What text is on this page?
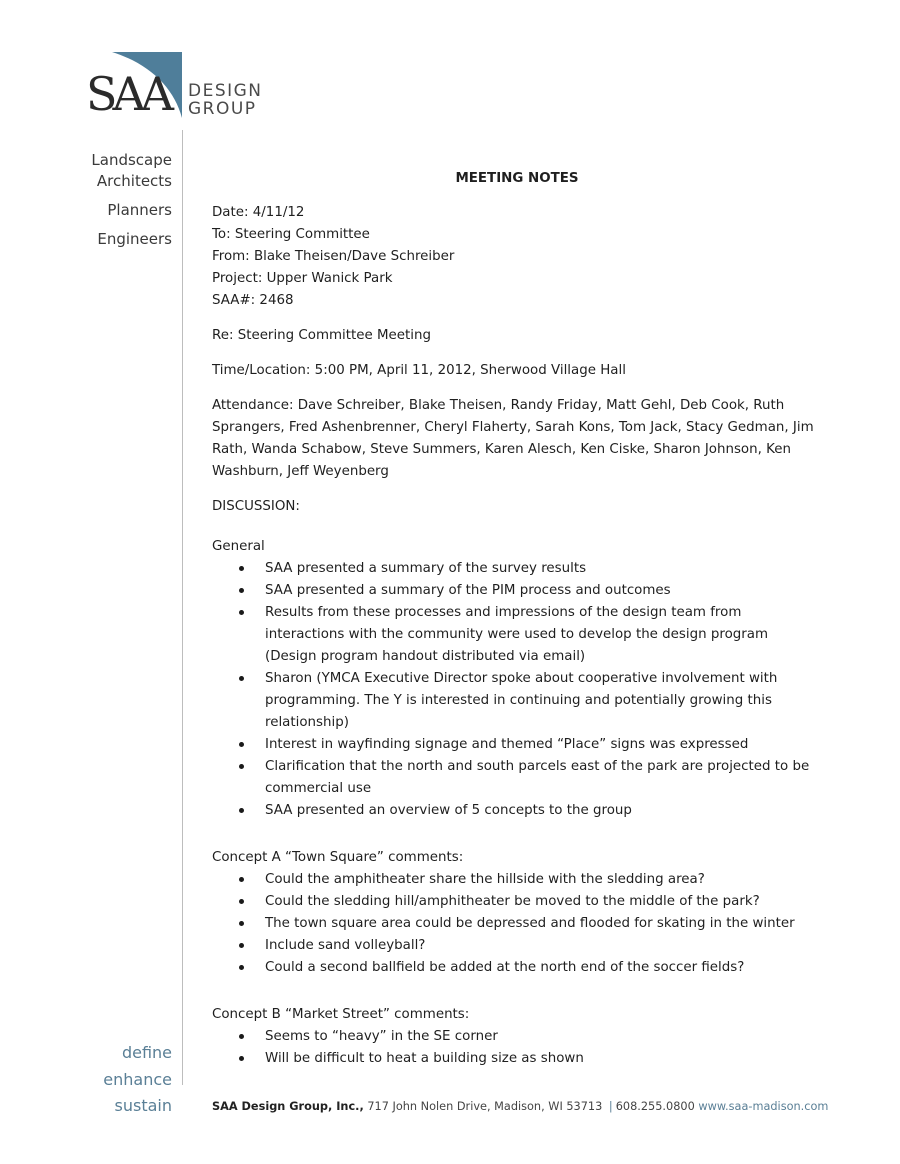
SAA	DESIGN
GROUP
Landscape
Architects
Planners
Engineers
MEETING NOTES
Date: 4/11/12
To: Steering Committee
From: Blake Theisen/Dave Schreiber
Project: Upper Wanick Park
SAA#: 2468
Re: Steering Committee Meeting
Time/Location: 5:00 PM, April 11, 2012, Sherwood Village Hall
Attendance: Dave Schreiber, Blake Theisen, Randy Friday, Matt Gehl, Deb Cook, Ruth Sprangers, Fred Ashenbrenner, Cheryl Flaherty, Sarah Kons, Tom Jack, Stacy Gedman, Jim Rath, Wanda Schabow, Steve Summers, Karen Alesch, Ken Ciske, Sharon Johnson, Ken Washburn, Jeff Weyenberg
DISCUSSION:
General
SAA presented a summary of the survey results
SAA presented a summary of the PIM process and outcomes
Results from these processes and impressions of the design team from interactions with the community were used to develop the design program (Design program handout distributed via email)
Sharon (YMCA Executive Director spoke about cooperative involvement with programming. The Y is interested in continuing and potentially growing this relationship)
Interest in wayfinding signage and themed “Place” signs was expressed
Clarification that the north and south parcels east of the park are projected to be commercial use
SAA presented an overview of 5 concepts to the group
Concept A “Town Square” comments:
Could the amphitheater share the hillside with the sledding area?
Could the sledding hill/amphitheater be moved to the middle of the park?
The town square area could be depressed and flooded for skating in the winter
Include sand volleyball?
Could a second ballfield be added at the north end of the soccer fields?
Concept B “Market Street” comments:
Seems to “heavy” in the SE corner
Will be difficult to heat a building size as shown
define
enhance
sustain	SAA Design Group, Inc., 717 John Nolen Drive, Madison, WI 53713 | 608.255.0800 www.saa-madison.com
